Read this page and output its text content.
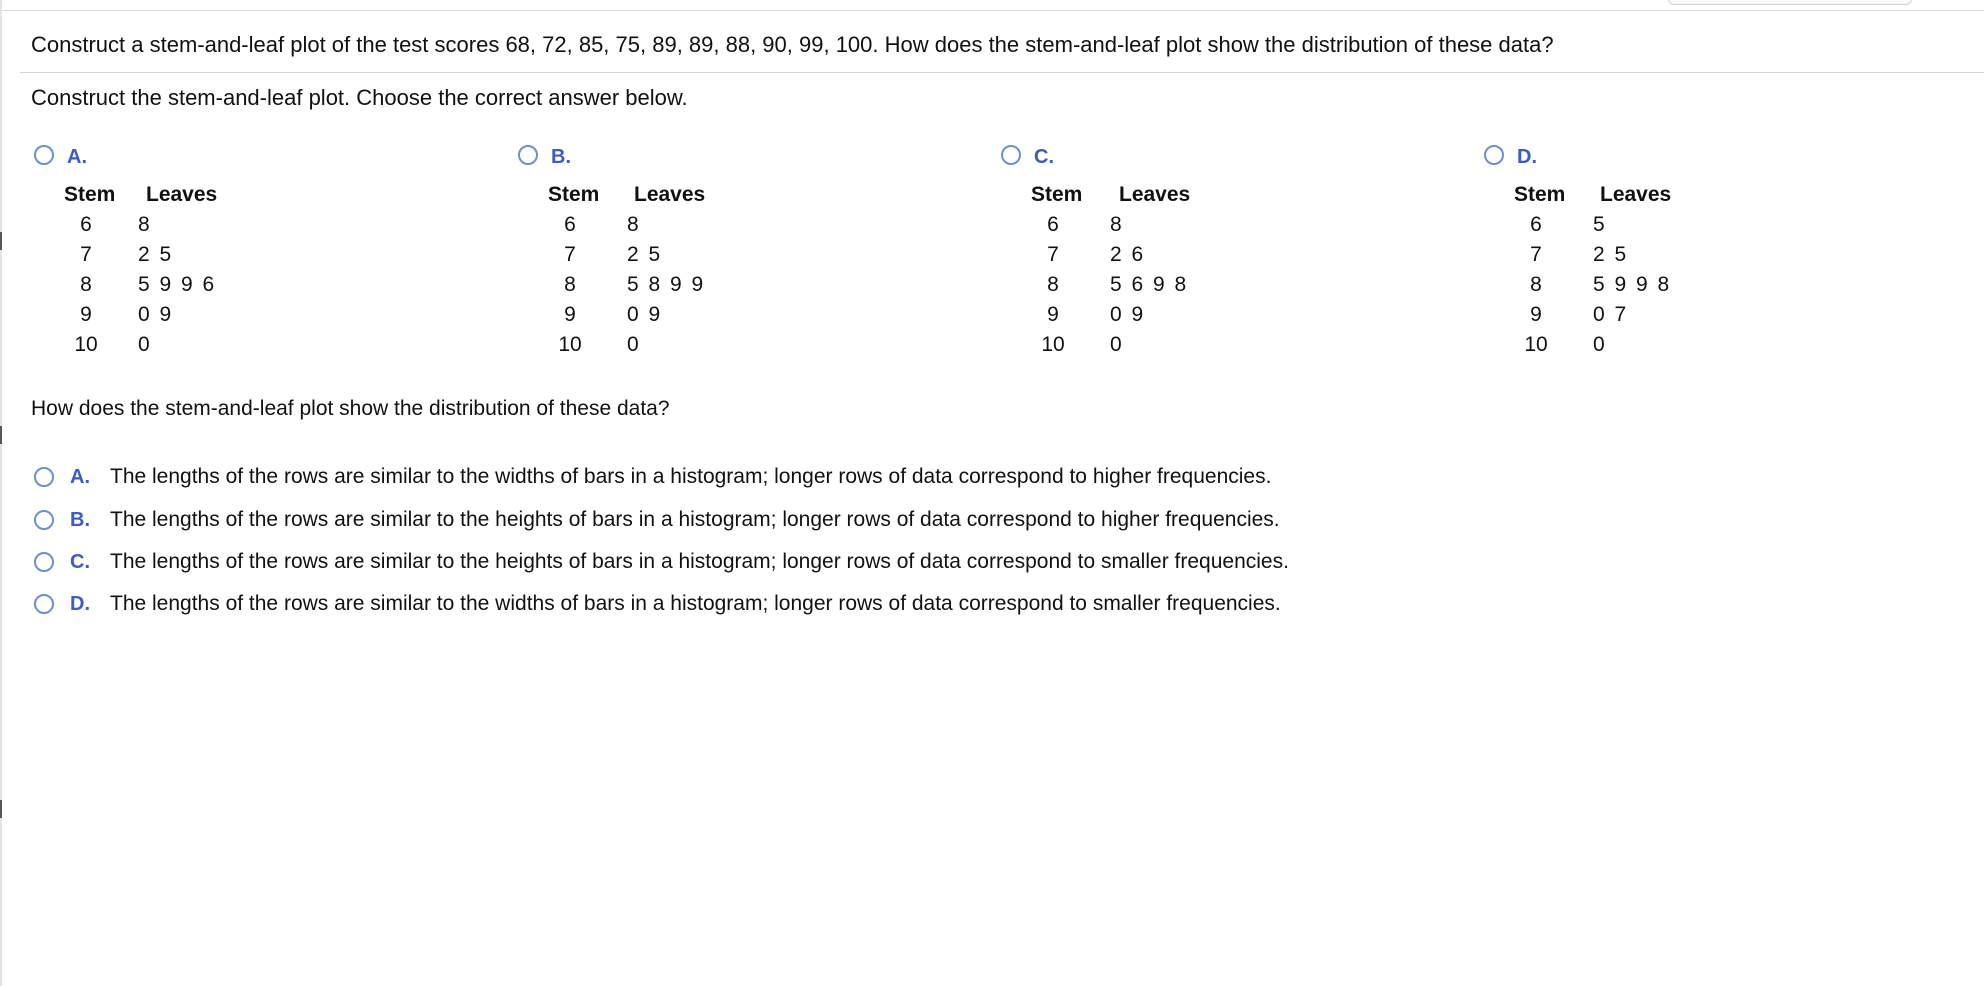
Construct a stem-and-leaf plot of the test scores 68, 72, 85, 75, 89, 89, 88, 90, 99, 100. How does the stem-and-leaf plot show the distribution of these data?
Construct the stem-and-leaf plot. Choose the correct answer below.
A.
Stem Leaves
6	8
7	2 5
8	5 9 9 6
9	0 9
10	0
B.
Stem Leaves
6	8
7	2 5
8	5 8 9 9
9	0 9
10	0
C.
Stem Leaves
6	8
7	2 6
8	5 6 9 8
9	0 9
10	0
D.
Stem Leaves
6	5
7	2 5
8	5 9 9 8
9	0 7
10	0
How does the stem-and-leaf plot show the distribution of these data?
A. The lengths of the rows are similar to the widths of bars in a histogram; longer rows of data correspond to higher frequencies.
B. The lengths of the rows are similar to the heights of bars in a histogram; longer rows of data correspond to higher frequencies.
C. The lengths of the rows are similar to the heights of bars in a histogram; longer rows of data correspond to smaller frequencies.
D. The lengths of the rows are similar to the widths of bars in a histogram; longer rows of data correspond to smaller frequencies.
